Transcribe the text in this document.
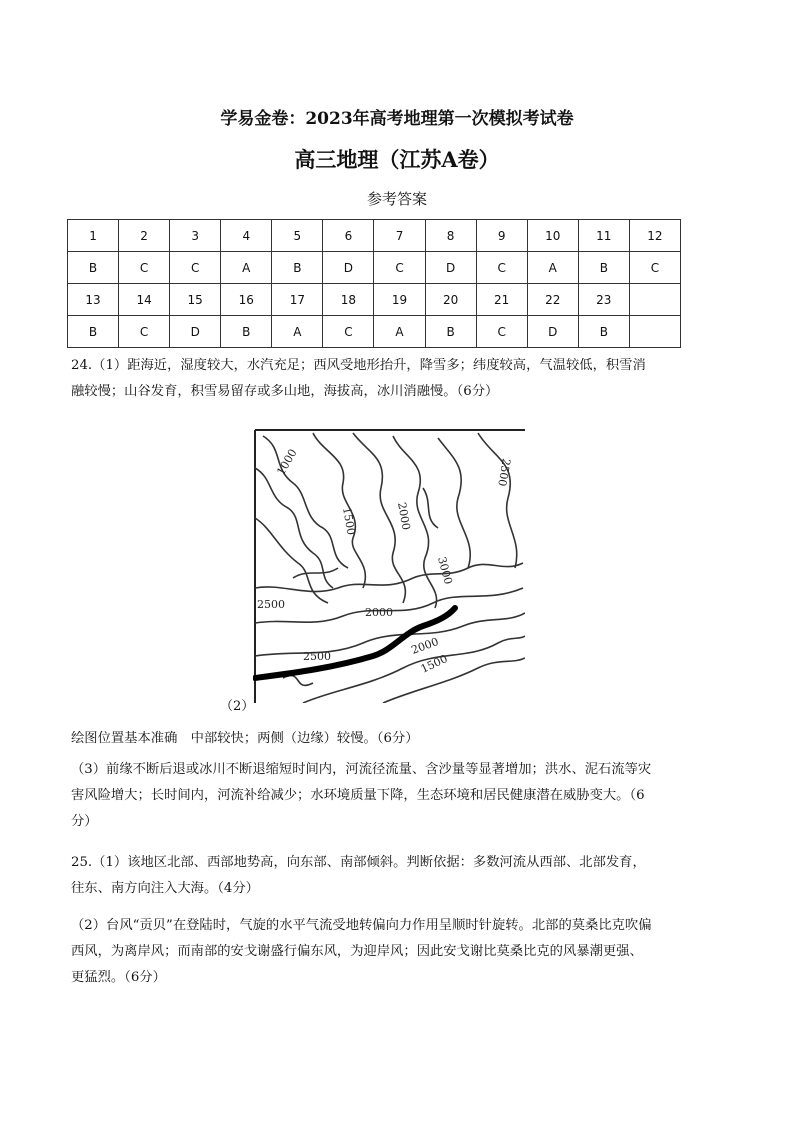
学易金卷：2023年高考地理第一次模拟考试卷
高三地理（江苏A卷）
参考答案
1	2	3	4	5	6	7	8	9	10	11	12
B	C	C	A	B	D	C	D	C	A	B	C
13	14	15	16	17	18	19	20	21	22	23	
B	C	D	B	A	C	A	B	C	D	B	
24.（1）距海近，湿度较大，水汽充足；西风受地形抬升，降雪多；纬度较高，气温较低，积雪消
融较慢；山谷发育，积雪易留存或多山地，海拔高，冰川消融慢。（6分）
1000
1500	2000
3000
2500
2500
2500
2000
2000
1500
（2）
绘图位置基本准确　中部较快；两侧（边缘）较慢。（6分）
（3）前缘不断后退或冰川不断退缩短时间内，河流径流量、含沙量等显著增加；洪水、泥石流等灾
害风险增大；长时间内，河流补给减少；水环境质量下降，生态环境和居民健康潜在威胁变大。（6
分）
25.（1）该地区北部、西部地势高，向东部、南部倾斜。判断依据：多数河流从西部、北部发育，
往东、南方向注入大海。（4分）
（2）台风“贡贝”在登陆时，气旋的水平气流受地转偏向力作用呈顺时针旋转。北部的莫桑比克吹偏
西风，为离岸风；而南部的安戈谢盛行偏东风，为迎岸风；因此安戈谢比莫桑比克的风暴潮更强、
更猛烈。（6分）
